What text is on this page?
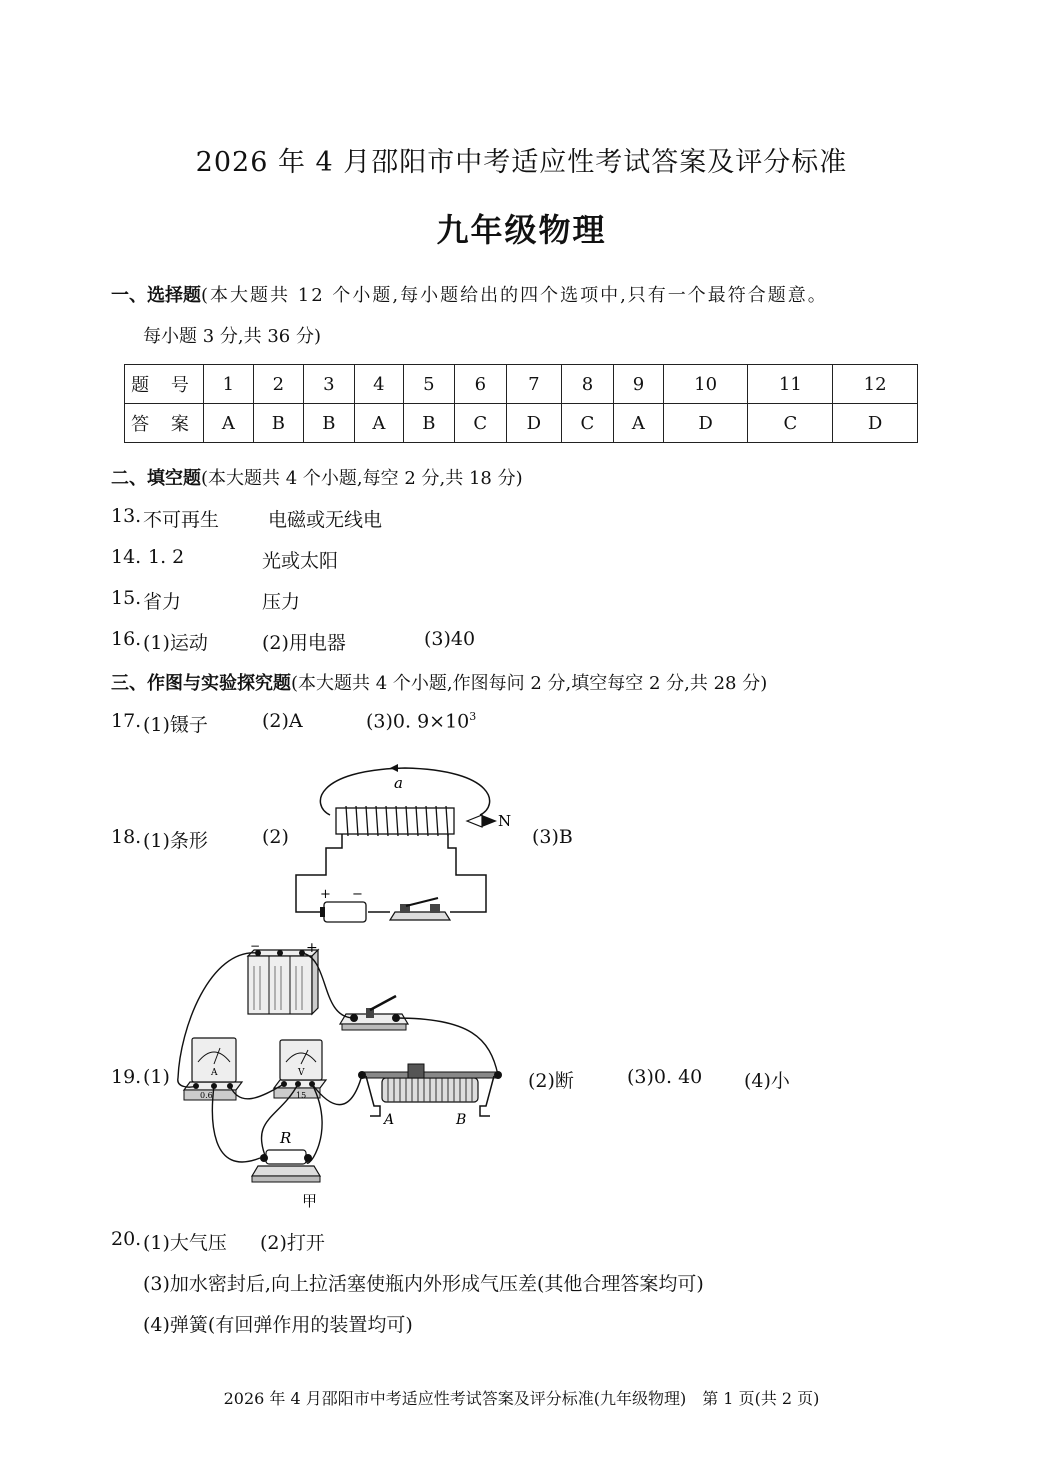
2026 年 4 月邵阳市中考适应性考试答案及评分标准
九年级物理
一、选择题(本大题共 12 个小题,每小题给出的四个选项中,只有一个最符合题意。
每小题 3 分,共 36 分)
题 号	1	2	3	4	5	6	7	8	9	10	11	12
答 案	A	B	B	A	B	C	D	C	A	D	C	D
二、填空题(本大题共 4 个小题,每空 2 分,共 18 分)
13. 不可再生	电磁或无线电
14. 1. 2	光或太阳
15. 省力	压力
16. (1)运动	(2)用电器	(3)40
三、作图与实验探究题(本大题共 4 个小题,作图每问 2 分,填空每空 2 分,共 28 分)
17. (1)镊子	(2)A	(3)0. $9\times 10^3$
18. (1)条形	(2)	(3)B
a
N
+ −
19. (1)	(2)断	(3)0. 40 (4)小
−	+
A
0.6
V
15
A	B
R
甲
20. (1)大气压 (2)打开
(3)加水密封后,向上拉活塞使瓶内外形成气压差(其他合理答案均可)
(4)弹簧(有回弹作用的装置均可)
2026 年 4 月邵阳市中考适应性考试答案及评分标准(九年级物理)　第 1 页(共 2 页)
